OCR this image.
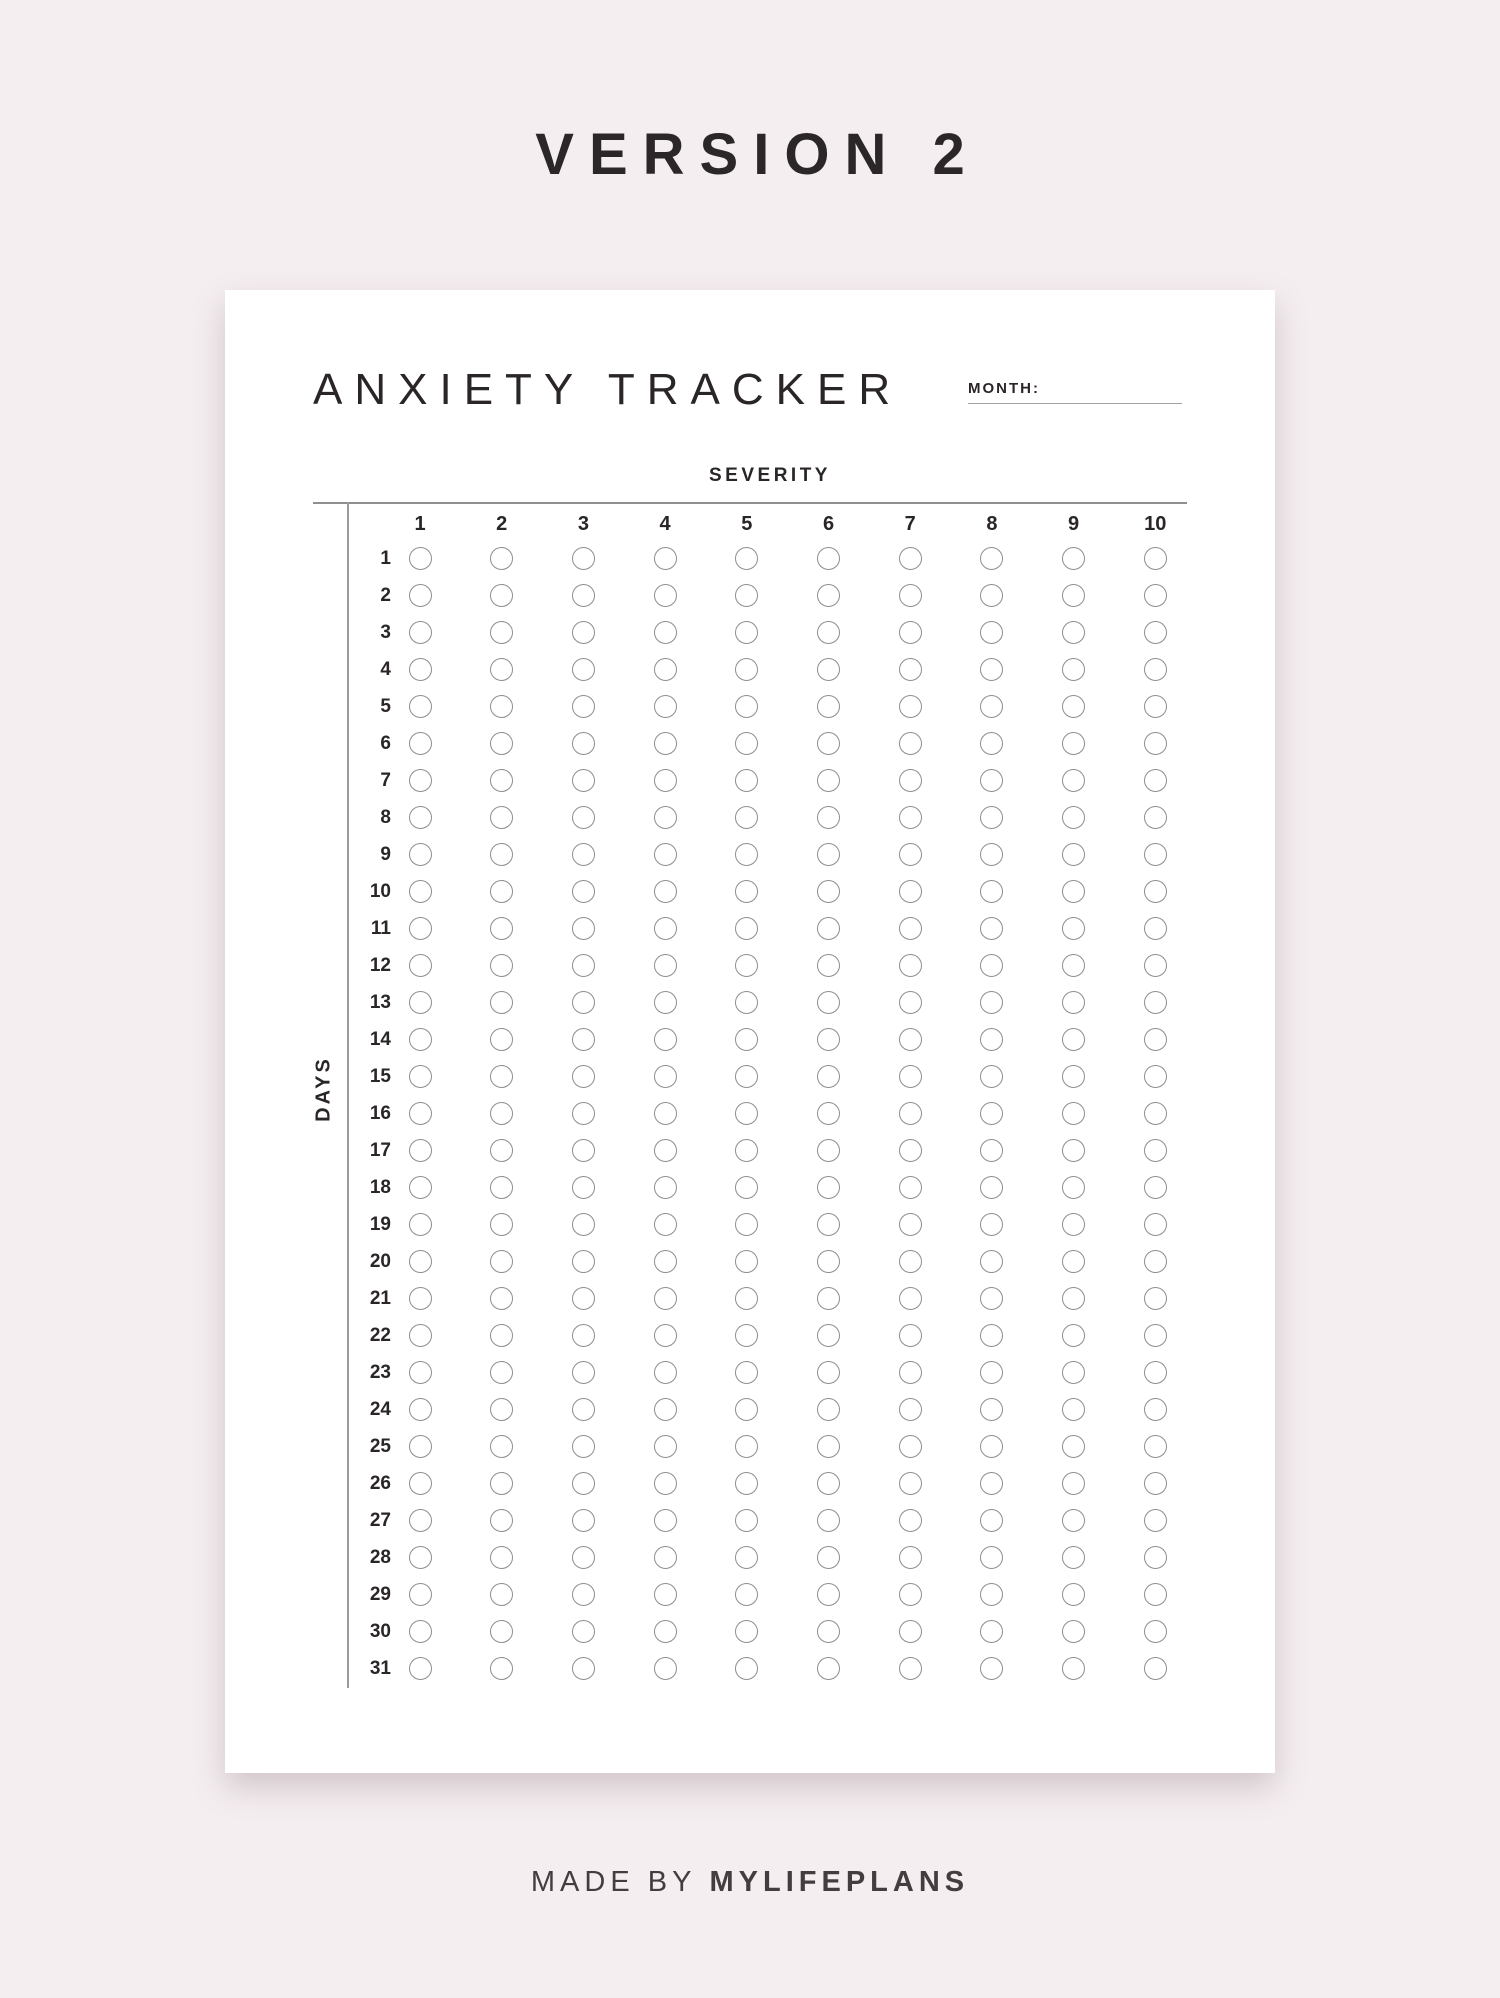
VERSION 2
ANXIETY TRACKER	MONTH:
SEVERITY
DAYS
1	2	3	4	5	6	7	8	9	10
1
2
3
4
5
6
7
8
9
10
11
12
13
14
15
16
17
18
19
20
21
22
23
24
25
26
27
28
29
30
31
MADE BY MYLIFEPLANS
